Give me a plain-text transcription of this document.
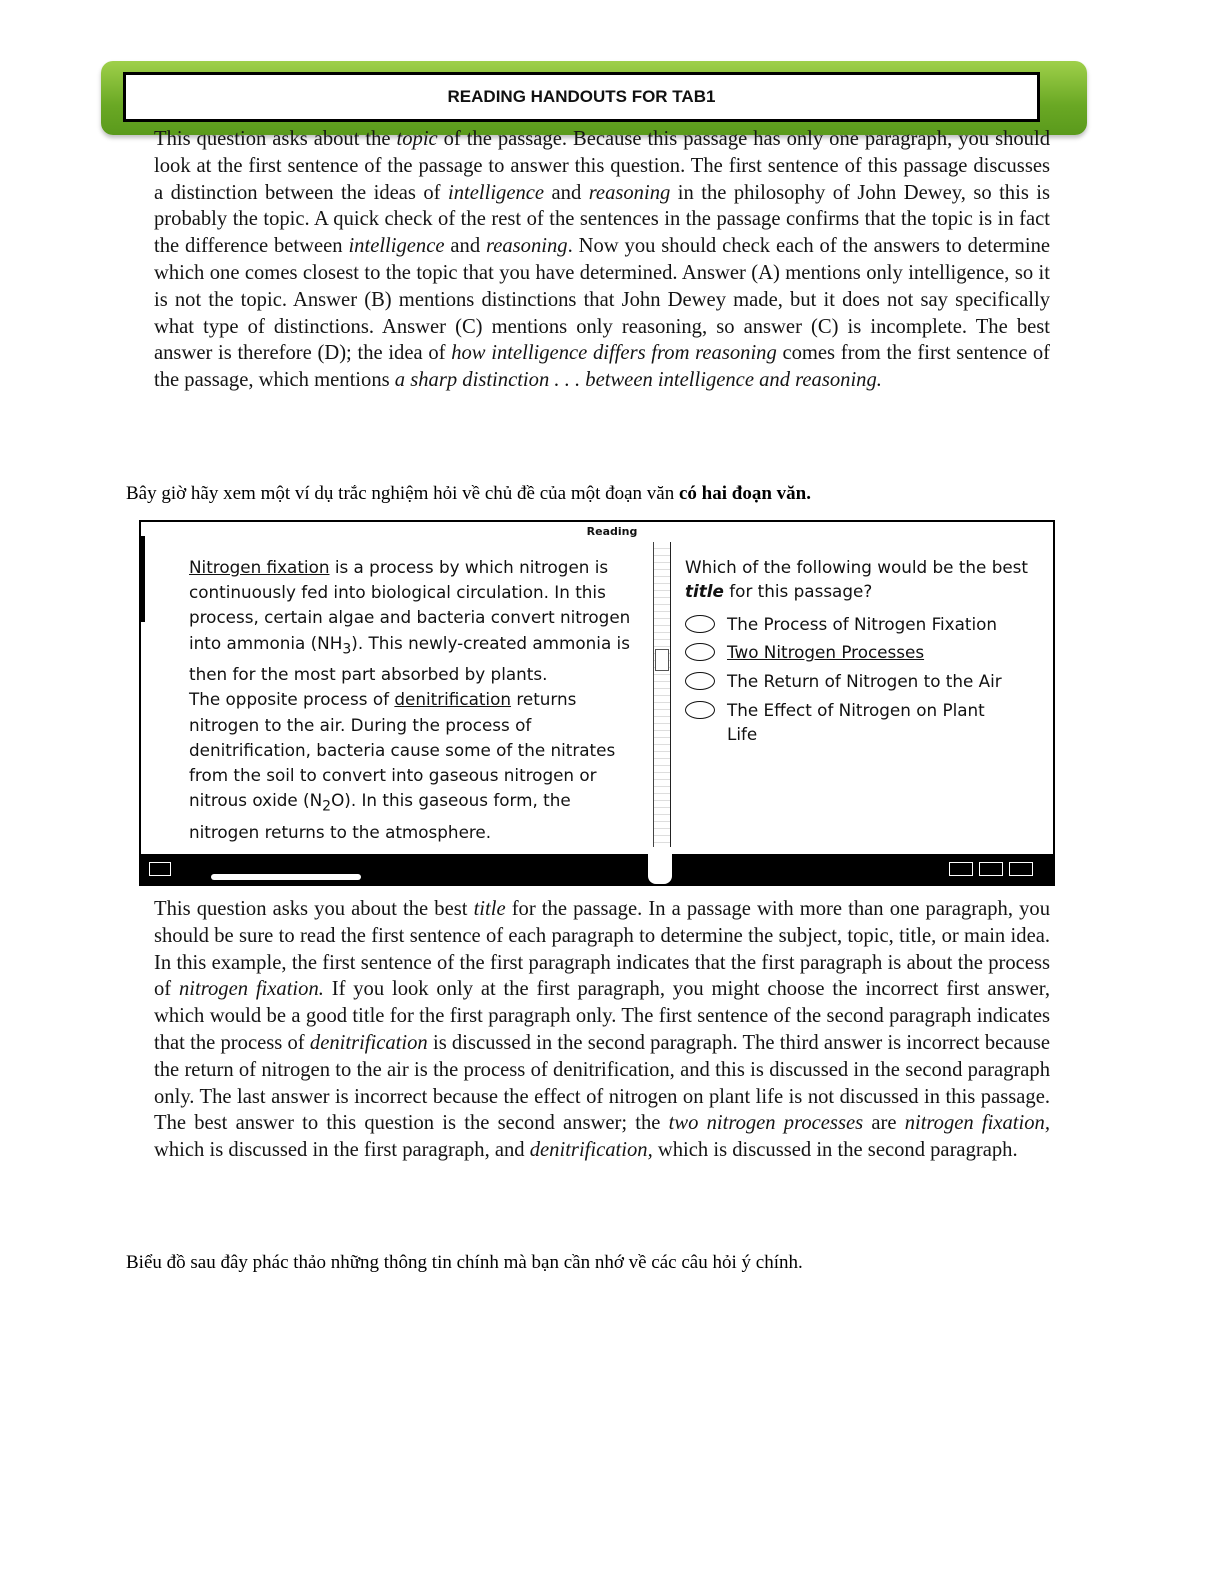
READING HANDOUTS FOR TAB1
This question asks about the topic of the passage. Because this passage has only one paragraph, you should look at the first sentence of the passage to answer this question. The first sentence of this passage discusses a distinction between the ideas of intelligence and reasoning in the philosophy of John Dewey, so this is probably the topic. A quick check of the rest of the sentences in the passage confirms that the topic is in fact the difference between intelligence and reasoning. Now you should check each of the answers to determine which one comes closest to the topic that you have determined. Answer (A) mentions only intelligence, so it is not the topic. Answer (B) mentions distinctions that John Dewey made, but it does not say specifically what type of distinctions. Answer (C) mentions only reasoning, so answer (C) is incomplete. The best answer is therefore (D); the idea of how intelligence differs from reasoning comes from the first sentence of the passage, which mentions a sharp distinction . . . between intelligence and reasoning.
Bây giờ hãy xem một ví dụ trắc nghiệm hỏi về chủ đề của một đoạn văn có hai đoạn văn.
Reading

Nitrogen fixation is a process by which nitrogen is continuously fed into biological circulation. In this process, certain algae and bacteria convert nitrogen into ammonia $(NH_3)$. This newly-created ammonia is then for the most part absorbed by plants.

The opposite process of denitrification returns nitrogen to the air. During the process of denitrification, bacteria cause some of the nitrates from the soil to convert into gaseous nitrogen or nitrous oxide $(N_2O)$. In this gaseous form, the nitrogen returns to the atmosphere.

Which of the following would be the best title for this passage?
The Process of Nitrogen Fixation
Two Nitrogen Processes
The Return of Nitrogen to the Air
The Effect of Nitrogen on Plant Life
This question asks you about the best title for the passage. In a passage with more than one paragraph, you should be sure to read the first sentence of each paragraph to determine the subject, topic, title, or main idea. In this example, the first sentence of the first paragraph indicates that the first paragraph is about the process of nitrogen fixation. If you look only at the first paragraph, you might choose the incorrect first answer, which would be a good title for the first paragraph only. The first sentence of the second paragraph indicates that the process of denitrification is discussed in the second paragraph. The third answer is incorrect because the return of nitrogen to the air is the process of denitrification, and this is discussed in the second paragraph only. The last answer is incorrect because the effect of nitrogen on plant life is not discussed in this passage. The best answer to this question is the second answer; the two nitrogen processes are nitrogen fixation, which is discussed in the first paragraph, and denitrification, which is discussed in the second paragraph.
Biểu đồ sau đây phác thảo những thông tin chính mà bạn cần nhớ về các câu hỏi ý chính.
